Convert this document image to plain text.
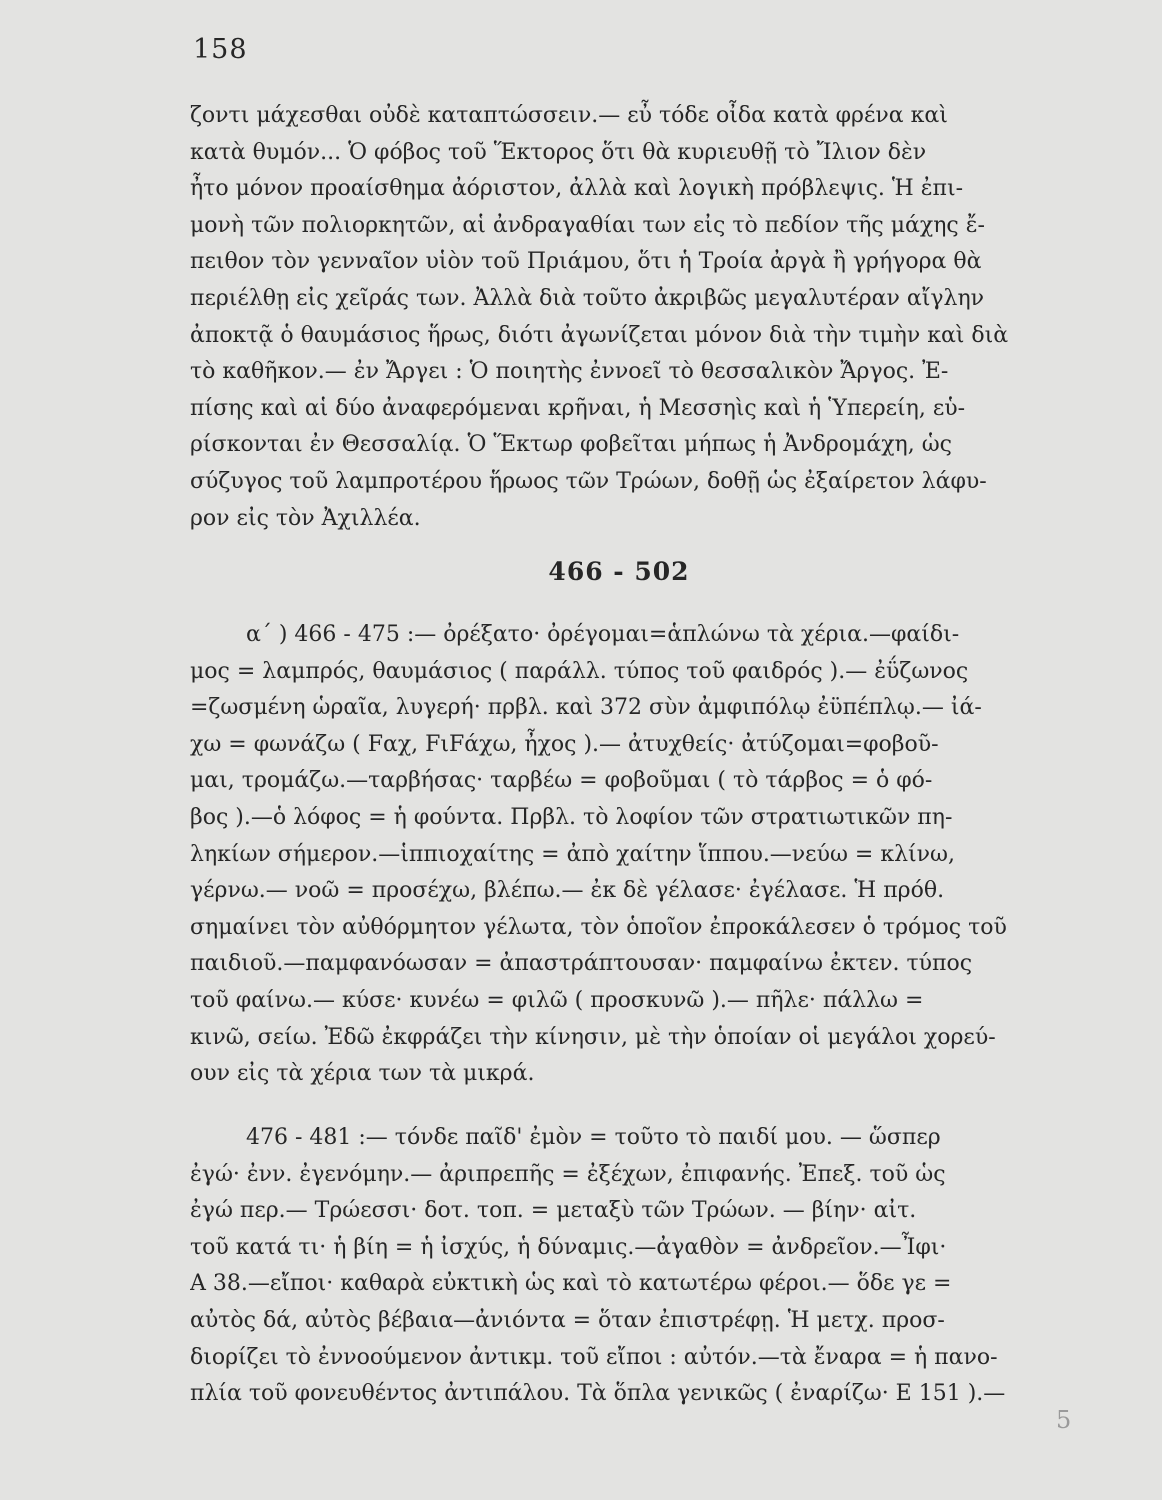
158
ζοντι μάχεσθαι οὐδὲ καταπτώσσειν.— εὖ τόδε οἶδα κατὰ φρένα καὶ
κατὰ θυμόν... Ὁ φόβος τοῦ Ἕκτορος ὅτι θὰ κυριευθῇ τὸ Ἴλιον δὲν
ἦτο μόνον προαίσθημα ἀόριστον, ἀλλὰ καὶ λογικὴ πρόβλεψις. Ἡ ἐπι-
μονὴ τῶν πολιορκητῶν, αἱ ἀνδραγαθίαι των εἰς τὸ πεδίον τῆς μάχης ἔ-
πειθον τὸν γενναῖον υἱὸν τοῦ Πριάμου, ὅτι ἡ Τροία ἀργὰ ἢ γρήγορα θὰ
περιέλθῃ εἰς χεῖράς των. Ἀλλὰ διὰ τοῦτο ἀκριβῶς μεγαλυτέραν αἴγλην
ἀποκτᾷ ὁ θαυμάσιος ἥρως, διότι ἀγωνίζεται μόνον διὰ τὴν τιμὴν καὶ διὰ
τὸ καθῆκον.— ἐν Ἄργει : Ὁ ποιητὴς ἐννοεῖ τὸ θεσσαλικὸν Ἄργος. Ἐ-
πίσης καὶ αἱ δύο ἀναφερόμεναι κρῆναι, ἡ Μεσσηὶς καὶ ἡ Ὑπερείη, εὑ-
ρίσκονται ἐν Θεσσαλίᾳ. Ὁ Ἕκτωρ φοβεῖται μήπως ἡ Ἀνδρομάχη, ὡς
σύζυγος τοῦ λαμπροτέρου ἥρωος τῶν Τρώων, δοθῇ ὡς ἐξαίρετον λάφυ-
ρον εἰς τὸν Ἀχιλλέα.
466 - 502
α΄ ) 466 - 475 :— ὀρέξατο· ὀρέγομαι=ἁπλώνω τὰ χέρια.—φαίδι-
μος = λαμπρός, θαυμάσιος ( παράλλ. τύπος τοῦ φαιδρός ).— ἐΰζωνος
=ζωσμένη ὡραῖα, λυγερή· πρβλ. καὶ 372 σὺν ἀμφιπόλῳ ἐϋπέπλῳ.— ἰά-
χω = φωνάζω ( Fαχ, FιFάχω, ἦχος ).— ἀτυχθείς· ἀτύζομαι=φοβοῦ-
μαι, τρομάζω.—ταρβήσας· ταρβέω = φοβοῦμαι ( τὸ τάρβος = ὁ φό-
βος ).—ὁ λόφος = ἡ φούντα. Πρβλ. τὸ λοφίον τῶν στρατιωτικῶν πη-
ληκίων σήμερον.—ἱππιοχαίτης = ἀπὸ χαίτην ἵππου.—νεύω = κλίνω,
γέρνω.— νοῶ = προσέχω, βλέπω.— ἐκ δὲ γέλασε· ἐγέλασε. Ἡ πρόθ.
σημαίνει τὸν αὐθόρμητον γέλωτα, τὸν ὁποῖον ἐπροκάλεσεν ὁ τρόμος τοῦ
παιδιοῦ.—παμφανόωσαν = ἀπαστράπτουσαν· παμφαίνω ἐκτεν. τύπος
τοῦ φαίνω.— κύσε· κυνέω = φιλῶ ( προσκυνῶ ).— πῆλε· πάλλω =
κινῶ, σείω. Ἐδῶ ἐκφράζει τὴν κίνησιν, μὲ τὴν ὁποίαν οἱ μεγάλοι χορεύ-
ουν εἰς τὰ χέρια των τὰ μικρά.
476 - 481 :— τόνδε παῖδ' ἐμὸν = τοῦτο τὸ παιδί μου. — ὥσπερ
ἐγώ· ἐνν. ἐγενόμην.— ἀριπρεπῆς = ἐξέχων, ἐπιφανής. Ἐπεξ. τοῦ ὡς
ἐγώ περ.— Τρώεσσι· δοτ. τοπ. = μεταξὺ τῶν Τρώων. — βίην· αἰτ.
τοῦ κατά τι· ἡ βίη = ἡ ἰσχύς, ἡ δύναμις.—ἀγαθὸν = ἀνδρεῖον.—Ἶφι·
Α 38.—εἴποι· καθαρὰ εὐκτικὴ ὡς καὶ τὸ κατωτέρω φέροι.— ὅδε γε =
αὐτὸς δά, αὐτὸς βέβαια—ἀνιόντα = ὅταν ἐπιστρέφῃ. Ἡ μετχ. προσ-
διορίζει τὸ ἐννοούμενον ἀντικμ. τοῦ εἴποι : αὐτόν.—τὰ ἔναρα = ἡ πανο-
πλία τοῦ φονευθέντος ἀντιπάλου. Τὰ ὅπλα γενικῶς ( ἐναρίζω· Ε 151 ).—
5
